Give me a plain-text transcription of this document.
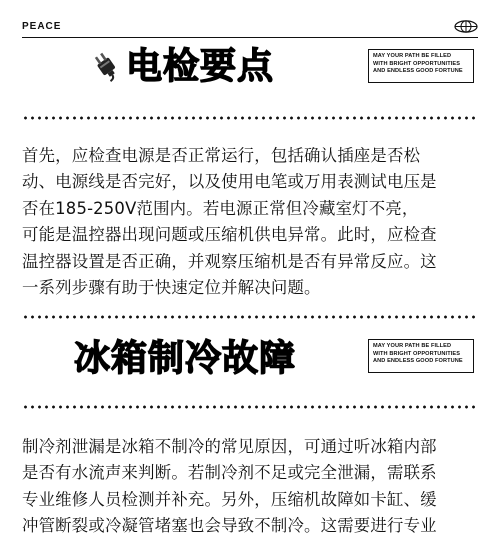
PEACE
电检要点	MAY YOUR PATH BE FILLED
WITH BRIGHT OPPORTUNITIES
AND ENDLESS GOOD FORTUNE
首先，应检查电源是否正常运行，包括确认插座是否松
动、电源线是否完好，以及使用电笔或万用表测试电压是
否在185-250V范围内。若电源正常但冷藏室灯不亮，
可能是温控器出现问题或压缩机供电异常。此时，应检查
温控器设置是否正确，并观察压缩机是否有异常反应。这
一系列步骤有助于快速定位并解决问题。
冰箱制冷故障	MAY YOUR PATH BE FILLED
WITH BRIGHT OPPORTUNITIES
AND ENDLESS GOOD FORTUNE
制冷剂泄漏是冰箱不制冷的常见原因，可通过听冰箱内部
是否有水流声来判断。若制冷剂不足或完全泄漏，需联系
专业维修人员检测并补充。另外，压缩机故障如卡缸、缓
冲管断裂或冷凝管堵塞也会导致不制冷。这需要进行专业
